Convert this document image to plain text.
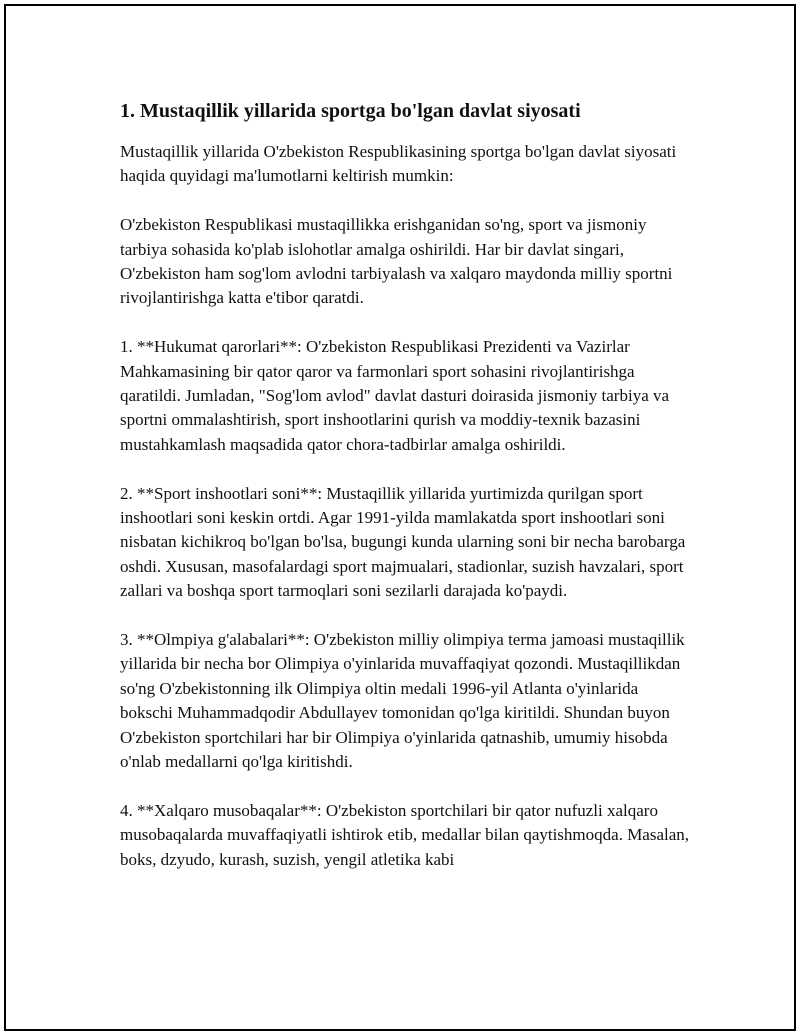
1. Mustaqillik yillarida sportga bo'lgan davlat siyosati

Mustaqillik yillarida O'zbekiston Respublikasining sportga bo'lgan davlat siyosati haqida quyidagi ma'lumotlarni keltirish mumkin:

O'zbekiston Respublikasi mustaqillikka erishganidan so'ng, sport va jismoniy tarbiya sohasida ko'plab islohotlar amalga oshirildi. Har bir davlat singari, O'zbekiston ham sog'lom avlodni tarbiyalash va xalqaro maydonda milliy sportni rivojlantirishga katta e'tibor qaratdi.

1. **Hukumat qarorlari**: O'zbekiston Respublikasi Prezidenti va Vazirlar Mahkamasining bir qator qaror va farmonlari sport sohasini rivojlantirishga qaratildi. Jumladan, "Sog'lom avlod" davlat dasturi doirasida jismoniy tarbiya va sportni ommalashtirish, sport inshootlarini qurish va moddiy-texnik bazasini mustahkamlash maqsadida qator chora-tadbirlar amalga oshirildi.

2. **Sport inshootlari soni**: Mustaqillik yillarida yurtimizda qurilgan sport inshootlari soni keskin ortdi. Agar 1991-yilda mamlakatda sport inshootlari soni nisbatan kichikroq bo'lgan bo'lsa, bugungi kunda ularning soni bir necha barobarga oshdi. Xususan, masofalardagi sport majmualari, stadionlar, suzish havzalari, sport zallari va boshqa sport tarmoqlari soni sezilarli darajada ko'paydi.

3. **Olmpiya g'alabalari**: O'zbekiston milliy olimpiya terma jamoasi mustaqillik yillarida bir necha bor Olimpiya o'yinlarida muvaffaqiyat qozondi. Mustaqillikdan so'ng O'zbekistonning ilk Olimpiya oltin medali 1996-yil Atlanta o'yinlarida bokschi Muhammadqodir Abdullayev tomonidan qo'lga kiritildi. Shundan buyon O'zbekiston sportchilari har bir Olimpiya o'yinlarida qatnashib, umumiy hisobda o'nlab medallarni qo'lga kiritishdi.

4. **Xalqaro musobaqalar**: O'zbekiston sportchilari bir qator nufuzli xalqaro musobaqalarda muvaffaqiyatli ishtirok etib, medallar bilan qaytishmoqda. Masalan, boks, dzyudo, kurash, suzish, yengil atletika kabi
